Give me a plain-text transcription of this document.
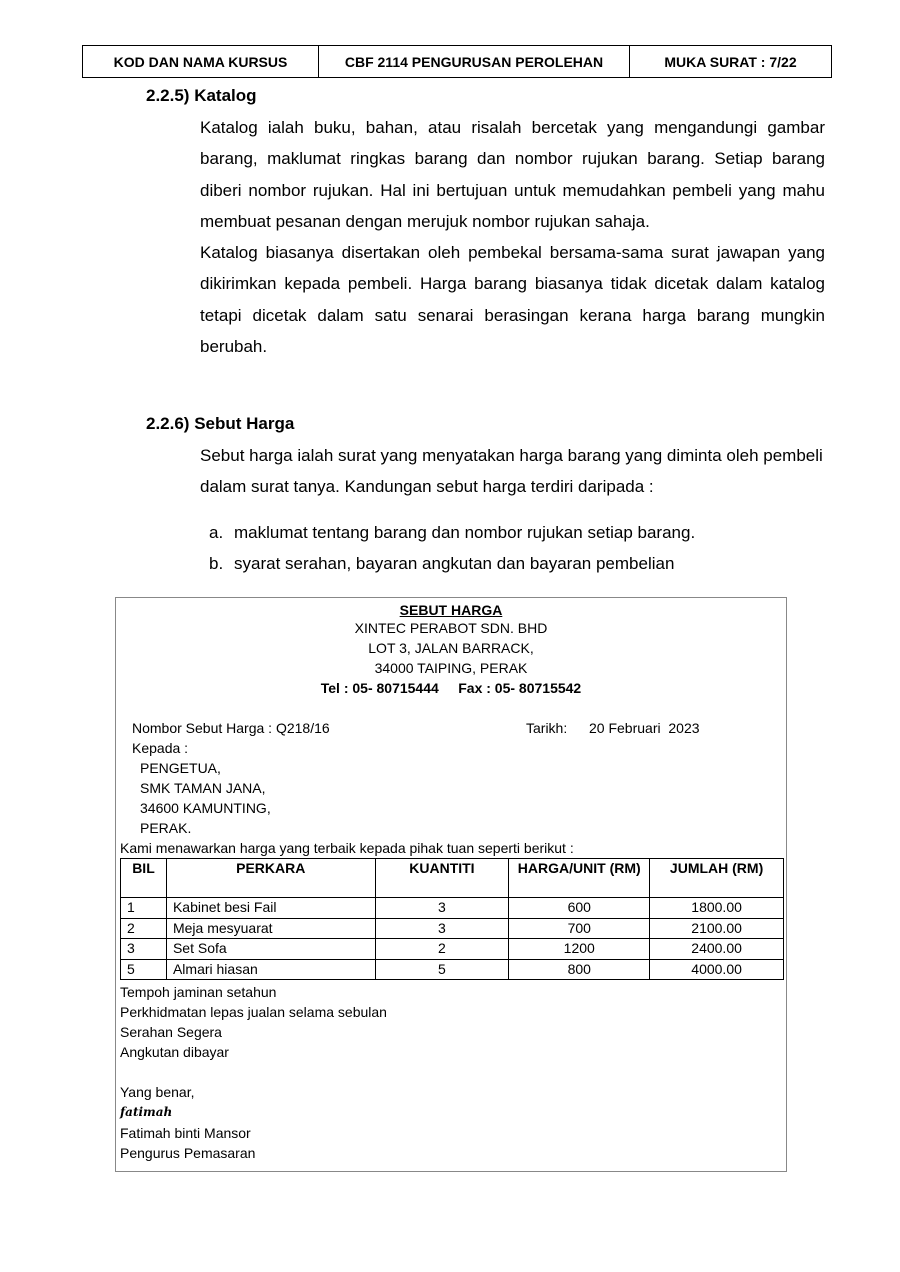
KOD DAN NAMA KURSUS	CBF 2114 PENGURUSAN PEROLEHAN	MUKA SURAT : 7/22
2.2.5) Katalog

Katalog ialah buku, bahan, atau risalah bercetak yang mengandungi gambar barang, maklumat ringkas barang dan nombor rujukan barang. Setiap barang diberi nombor rujukan. Hal ini bertujuan untuk memudahkan pembeli yang mahu membuat pesanan dengan merujuk nombor rujukan sahaja.

Katalog biasanya disertakan oleh pembekal bersama-sama surat jawapan yang dikirimkan kepada pembeli. Harga barang biasanya tidak dicetak dalam katalog tetapi dicetak dalam satu senarai berasingan kerana harga barang mungkin berubah.

2.2.6) Sebut Harga

Sebut harga ialah surat yang menyatakan harga barang yang diminta oleh pembeli dalam surat tanya. Kandungan sebut harga terdiri daripada :

a. maklumat tentang barang dan nombor rujukan setiap barang.
b. syarat serahan, bayaran angkutan dan bayaran pembelian
SEBUT HARGA
XINTEC PERABOT SDN. BHD
LOT 3, JALAN BARRACK,
34000 TAIPING, PERAK
Tel : 05- 80715444     Fax : 05- 80715542
Nombor Sebut Harga : Q218/16	Tarikh: 20 Februari  2023
Kepada :
PENGETUA,
SMK TAMAN JANA,
34600 KAMUNTING,
PERAK.
Kami menawarkan harga yang terbaik kepada pihak tuan seperti berikut :
BIL	PERKARA	KUANTITI	HARGA/UNIT (RM)	JUMLAH (RM)
1	Kabinet besi Fail	3	600	1800.00
2	Meja mesyuarat	3	700	2100.00
3	Set Sofa	2	1200	2400.00
5	Almari hiasan	5	800	4000.00
Tempoh jaminan setahun
Perkhidmatan lepas jualan selama sebulan
Serahan Segera
Angkutan dibayar
Yang benar,
fatimah
Fatimah binti Mansor
Pengurus Pemasaran
